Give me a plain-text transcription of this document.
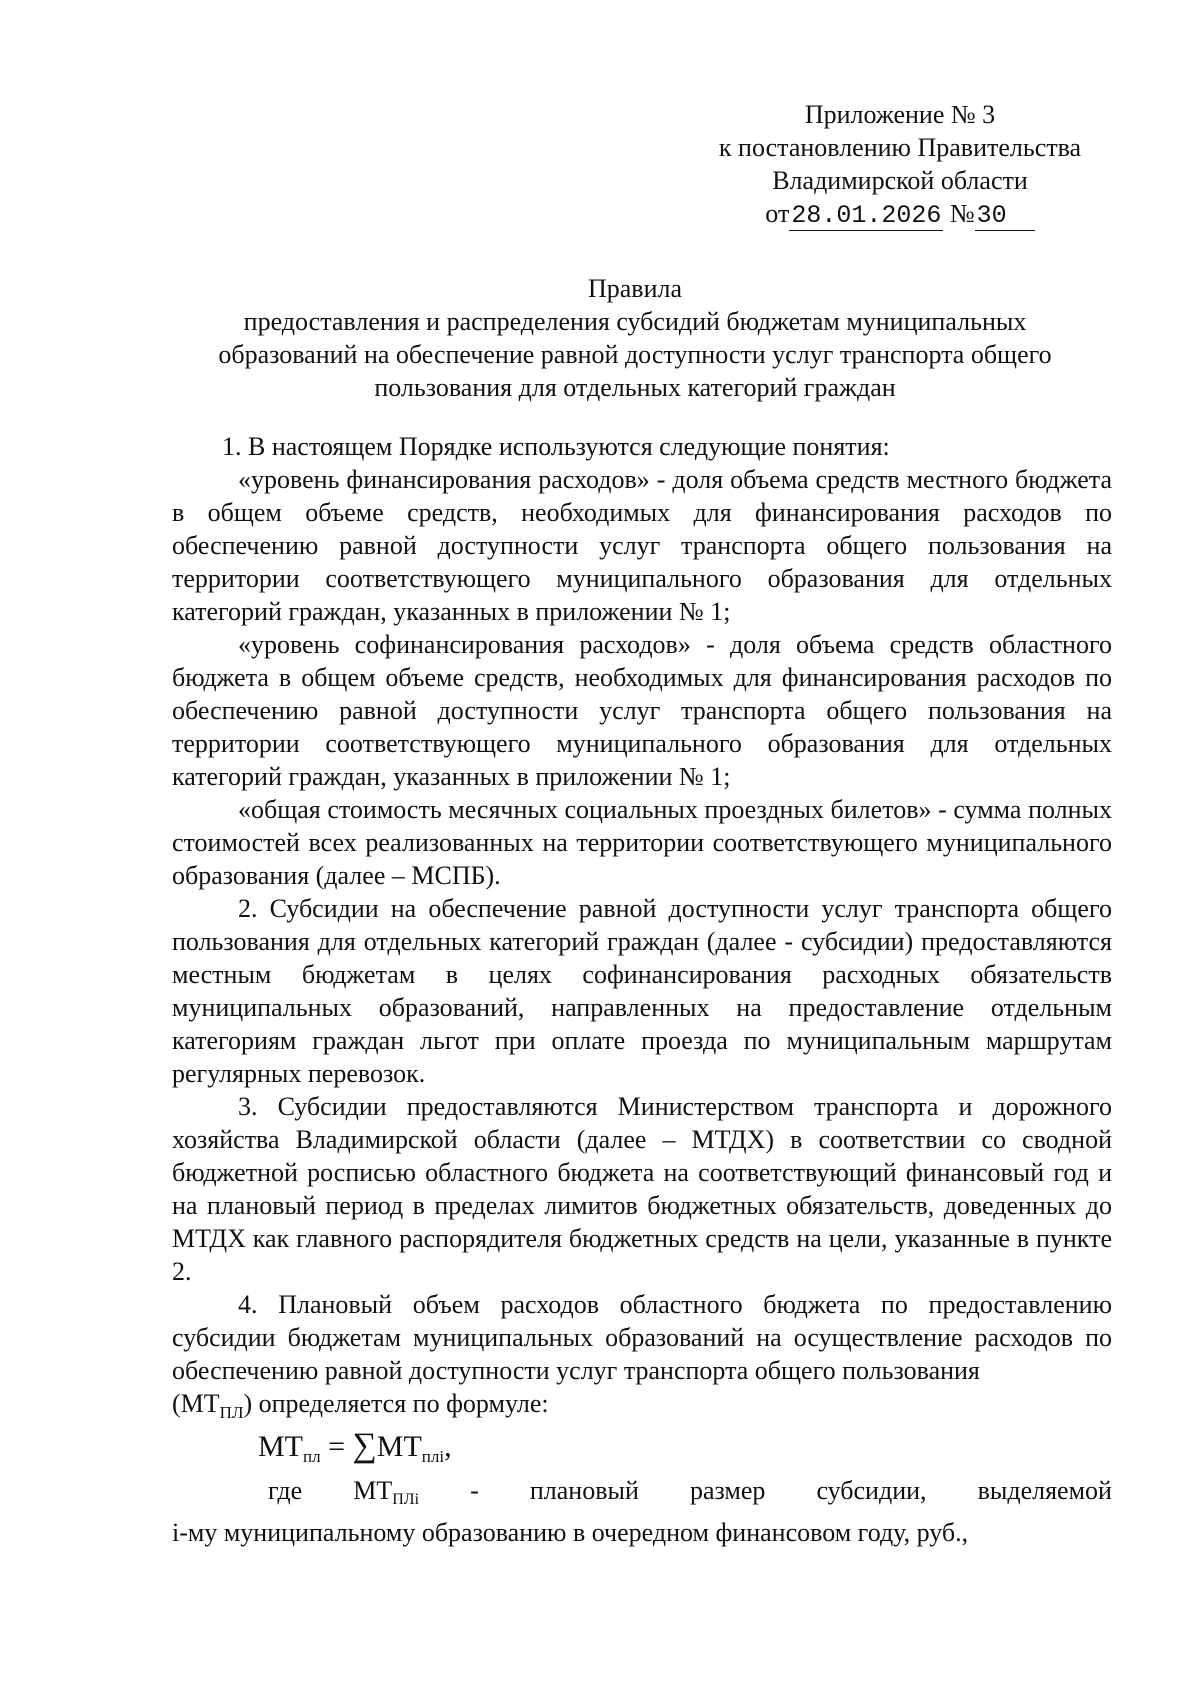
Приложение № 3
к постановлению Правительства
Владимирской области
от28.01.2026 №30
Правила
предоставления и распределения субсидий бюджетам муниципальных
образований на обеспечение равной доступности услуг транспорта общего
пользования для отдельных категорий граждан

1. В настоящем Порядке используются следующие понятия:

«уровень финансирования расходов» - доля объема средств местного бюджета в общем объеме средств, необходимых для финансирования расходов по обеспечению равной доступности услуг транспорта общего пользования на территории соответствующего муниципального образования для отдельных категорий граждан, указанных в приложении № 1;

«уровень софинансирования расходов» - доля объема средств областного бюджета в общем объеме средств, необходимых для финансирования расходов по обеспечению равной доступности услуг транспорта общего пользования на территории соответствующего муниципального образования для отдельных категорий граждан, указанных в приложении № 1;

«общая стоимость месячных социальных проездных билетов» - сумма полных стоимостей всех реализованных на территории соответствующего муниципального образования (далее – МСПБ).

2. Субсидии на обеспечение равной доступности услуг транспорта общего пользования для отдельных категорий граждан (далее - субсидии) предоставляются местным бюджетам в целях софинансирования расходных обязательств муниципальных образований, направленных на предоставление отдельным категориям граждан льгот при оплате проезда по муниципальным маршрутам регулярных перевозок.

3. Субсидии предоставляются Министерством транспорта и дорожного хозяйства Владимирской области (далее – МТДХ) в соответствии со сводной бюджетной росписью областного бюджета на соответствующий финансовый год и на плановый период в пределах лимитов бюджетных обязательств, доведенных до МТДХ как главного распорядителя бюджетных средств на цели, указанные в пункте 2.

4. Плановый объем расходов областного бюджета по предоставлению субсидии бюджетам муниципальных образований на осуществление расходов по обеспечению равной доступности услуг транспорта общего пользования

$(МТ_{ПЛ})$ определяется по формуле:

$МТ_{пл} = \sum МТ_{плi}$,
где $МТ_{ПЛi}$ - плановый размер субсидии, выделяемой
i-му муниципальному образованию в очередном финансовом году, руб.,
